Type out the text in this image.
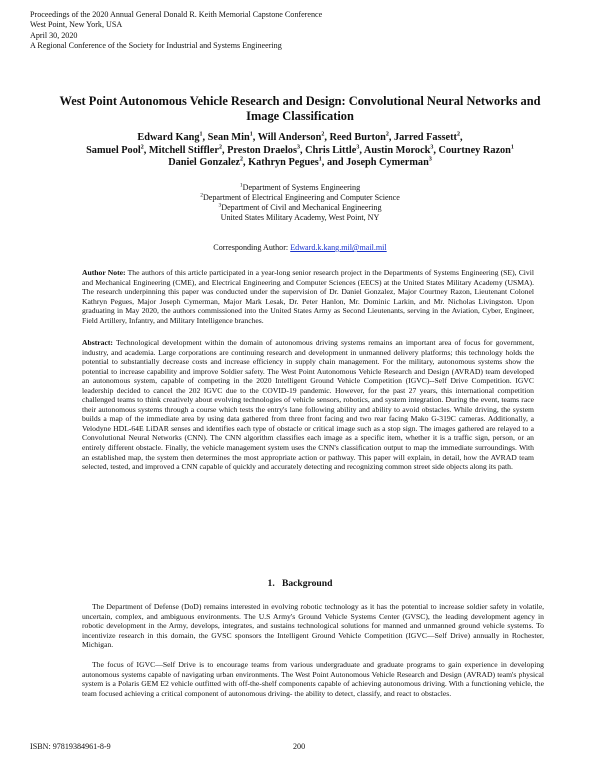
Proceedings of the 2020 Annual General Donald R. Keith Memorial Capstone Conference
West Point, New York, USA
April 30, 2020
A Regional Conference of the Society for Industrial and Systems Engineering
West Point Autonomous Vehicle Research and Design: Convolutional Neural Networks and Image Classification
Edward Kang$^1$, Sean Min$^1$, Will Anderson$^2$, Reed Burton$^2$, Jarred Fassett$^2$,
Samuel Pool$^2$, Mitchell Stiffler$^2$, Preston Draelos$^3$, Chris Little$^3$, Austin Morock$^3$, Courtney Razon$^1$
Daniel Gonzalez$^2$, Kathryn Pegues$^1$, and Joseph Cymerman$^3$
$^1$Department of Systems Engineering
$^2$Department of Electrical Engineering and Computer Science
$^3$Department of Civil and Mechanical Engineering
United States Military Academy, West Point, NY
Corresponding Author: Edward.k.kang.mil@mail.mil
Author Note: The authors of this article participated in a year-long senior research project in the Departments of Systems Engineering (SE), Civil and Mechanical Engineering (CME), and Electrical Engineering and Computer Sciences (EECS) at the United States Military Academy (USMA). The research underpinning this paper was conducted under the supervision of Dr. Daniel Gonzalez, Major Courtney Razon, Lieutenant Colonel Kathryn Pegues, Major Joseph Cymerman, Major Mark Lesak, Dr. Peter Hanlon, Mr. Dominic Larkin, and Mr. Nicholas Livingston. Upon graduating in May 2020, the authors commissioned into the United States Army as Second Lieutenants, serving in the Aviation, Cyber, Engineer, Field Artillery, Infantry, and Military Intelligence branches.
Abstract: Technological development within the domain of autonomous driving systems remains an important area of focus for government, industry, and academia. Large corporations are continuing research and development in unmanned delivery platforms; this technology holds the potential to substantially decrease costs and increase efficiency in supply chain management. For the military, autonomous systems show the potential to increase capability and improve Soldier safety. The West Point Autonomous Vehicle Research and Design (AVRAD) team developed an autonomous system, capable of competing in the 2020 Intelligent Ground Vehicle Competition (IGVC)--Self Drive Competition. IGVC leadership decided to cancel the 202 IGVC due to the COVID-19 pandemic. However, for the past 27 years, this international competition challenged teams to think creatively about evolving technologies of vehicle sensors, robotics, and system integration. During the event, teams race their autonomous systems through a course which tests the entry's lane following ability and ability to avoid obstacles. While driving, the system builds a map of the immediate area by using data gathered from three front facing and two rear facing Mako G-319C cameras. Additionally, a Velodyne HDL-64E LiDAR senses and identifies each type of obstacle or critical image such as a stop sign. The images gathered are relayed to a Convolutional Neural Networks (CNN). The CNN algorithm classifies each image as a specific item, whether it is a traffic sign, person, or an entirely different obstacle. Finally, the vehicle management system uses the CNN's classification output to map the immediate surroundings. With an established map, the system then determines the most appropriate action or pathway. This paper will explain, in detail, how the AVRAD team selected, tested, and improved a CNN capable of quickly and accurately detecting and recognizing common street side objects along its path.
1. Background
The Department of Defense (DoD) remains interested in evolving robotic technology as it has the potential to increase soldier safety in volatile, uncertain, complex, and ambiguous environments. The U.S Army's Ground Vehicle Systems Center (GVSC), the leading development agency in robotic development in the Army, develops, integrates, and sustains technological solutions for manned and unmanned ground vehicle systems. To incentivize research in this domain, the GVSC sponsors the Intelligent Ground Vehicle Competition (IGVC—Self Drive) annually in Rochester, Michigan.
The focus of IGVC—Self Drive is to encourage teams from various undergraduate and graduate programs to gain experience in developing autonomous systems capable of navigating urban environments. The West Point Autonomous Vehicle Research and Design (AVRAD) team's physical system is a Polaris GEM E2 vehicle outfitted with off-the-shelf components capable of achieving autonomous driving. With a functioning vehicle, the team focused achieving a critical component of autonomous driving- the ability to detect, classify, and react to obstacles.
ISBN: 97819384961-8-9	200
